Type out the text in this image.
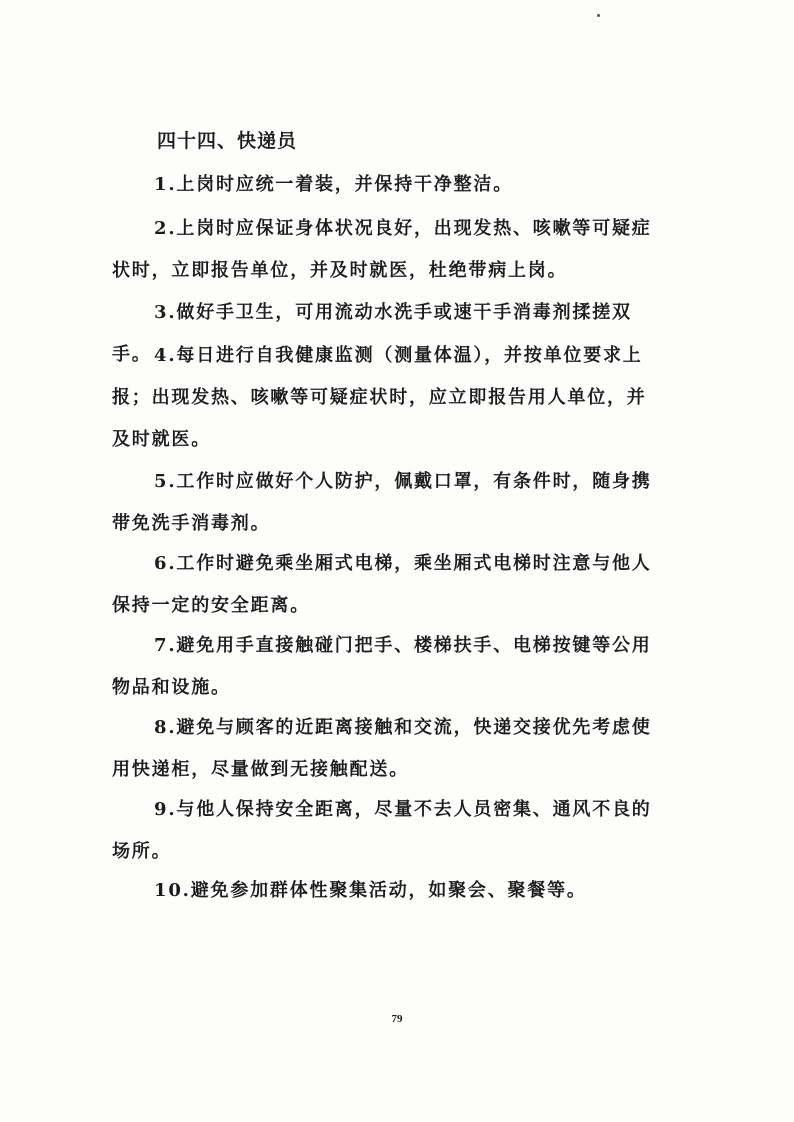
四十四、快递员

1.上岗时应统一着装，并保持干净整洁。

2.上岗时应保证身体状况良好，出现发热、咳嗽等可疑症状时，立即报告单位，并及时就医，杜绝带病上岗。

3.做好手卫生，可用流动水洗手或速干手消毒剂揉搓双手。 4.每日进行自我健康监测（测量体温），并按单位要求上报；出现发热、咳嗽等可疑症状时，应立即报告用人单位，并及时就医。

5.工作时应做好个人防护，佩戴口罩，有条件时，随身携带免洗手消毒剂。

6.工作时避免乘坐厢式电梯，乘坐厢式电梯时注意与他人保持一定的安全距离。

7.避免用手直接触碰门把手、楼梯扶手、电梯按键等公用物品和设施。

8.避免与顾客的近距离接触和交流，快递交接优先考虑使用快递柜，尽量做到无接触配送。

9.与他人保持安全距离，尽量不去人员密集、通风不良的场所。

10.避免参加群体性聚集活动，如聚会、聚餐等。

79
